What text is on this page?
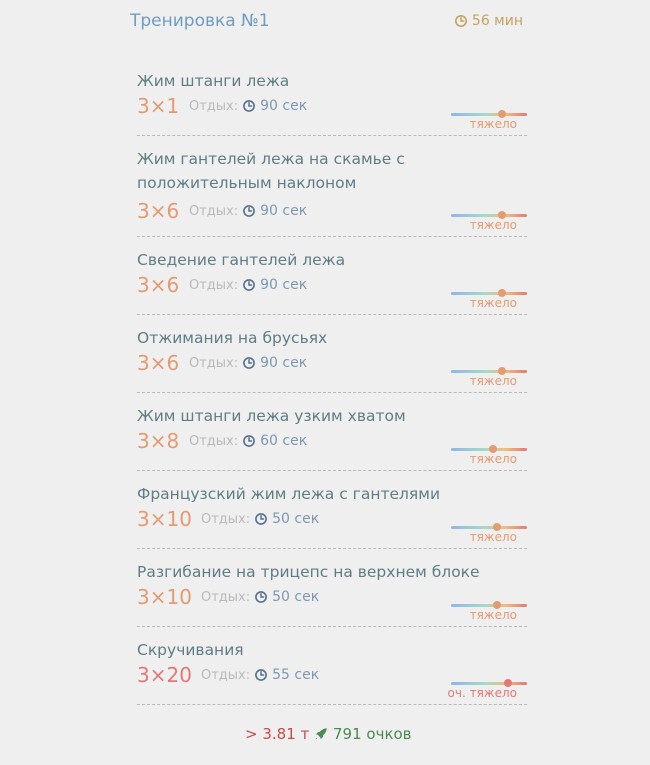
Тренировка №1	56 мин
Жим штанги лежа
3×1 Отдых: 90 сек
тяжело
Жим гантелей лежа на скамье с
положительным наклоном
3×6 Отдых: 90 сек
тяжело
Сведение гантелей лежа
3×6 Отдых: 90 сек
тяжело
Отжимания на брусьях
3×6 Отдых: 90 сек
тяжело
Жим штанги лежа узким хватом
3×8 Отдых: 60 сек
тяжело
Французский жим лежа с гантелями
3×10 Отдых: 50 сек
тяжело
Разгибание на трицепс на верхнем блоке
3×10 Отдых: 50 сек
тяжело
Скручивания
3×20 Отдых: 55 сек
оч. тяжело
> 3.81 т 791 очков
